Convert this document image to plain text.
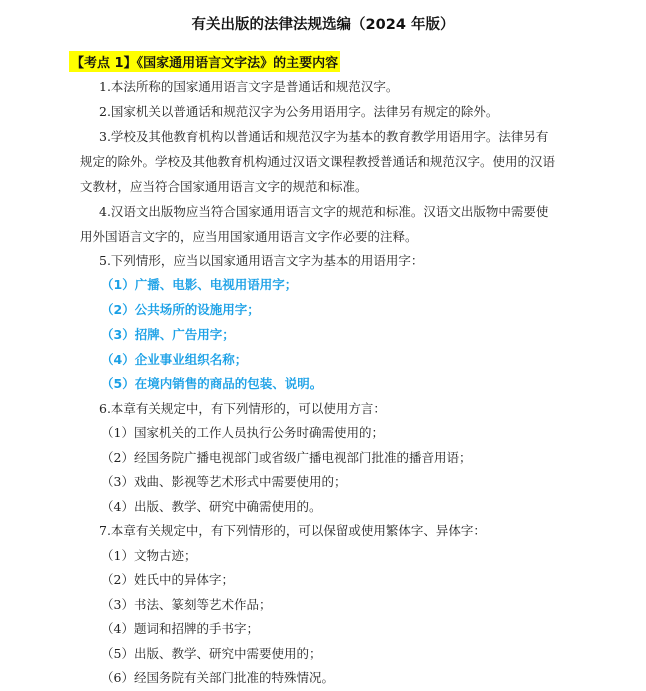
有关出版的法律法规选编（2024 年版）
【考点 1】《国家通用语言文字法》的主要内容
1.本法所称的国家通用语言文字是普通话和规范汉字。
2.国家机关以普通话和规范汉字为公务用语用字。法律另有规定的除外。
3.学校及其他教育机构以普通话和规范汉字为基本的教育教学用语用字。法律另有
规定的除外。学校及其他教育机构通过汉语文课程教授普通话和规范汉字。使用的汉语
文教材，应当符合国家通用语言文字的规范和标准。
4.汉语文出版物应当符合国家通用语言文字的规范和标准。汉语文出版物中需要使
用外国语言文字的，应当用国家通用语言文字作必要的注释。
5.下列情形，应当以国家通用语言文字为基本的用语用字：
（1）广播、电影、电视用语用字；
（2）公共场所的设施用字；
（3）招牌、广告用字；
（4）企业事业组织名称；
（5）在境内销售的商品的包装、说明。
6.本章有关规定中，有下列情形的，可以使用方言：
（1）国家机关的工作人员执行公务时确需使用的；
（2）经国务院广播电视部门或省级广播电视部门批准的播音用语；
（3）戏曲、影视等艺术形式中需要使用的；
（4）出版、教学、研究中确需使用的。
7.本章有关规定中，有下列情形的，可以保留或使用繁体字、异体字：
（1）文物古迹；
（2）姓氏中的异体字；
（3）书法、篆刻等艺术作品；
（4）题词和招牌的手书字；
（5）出版、教学、研究中需要使用的；
（6）经国务院有关部门批准的特殊情况。
